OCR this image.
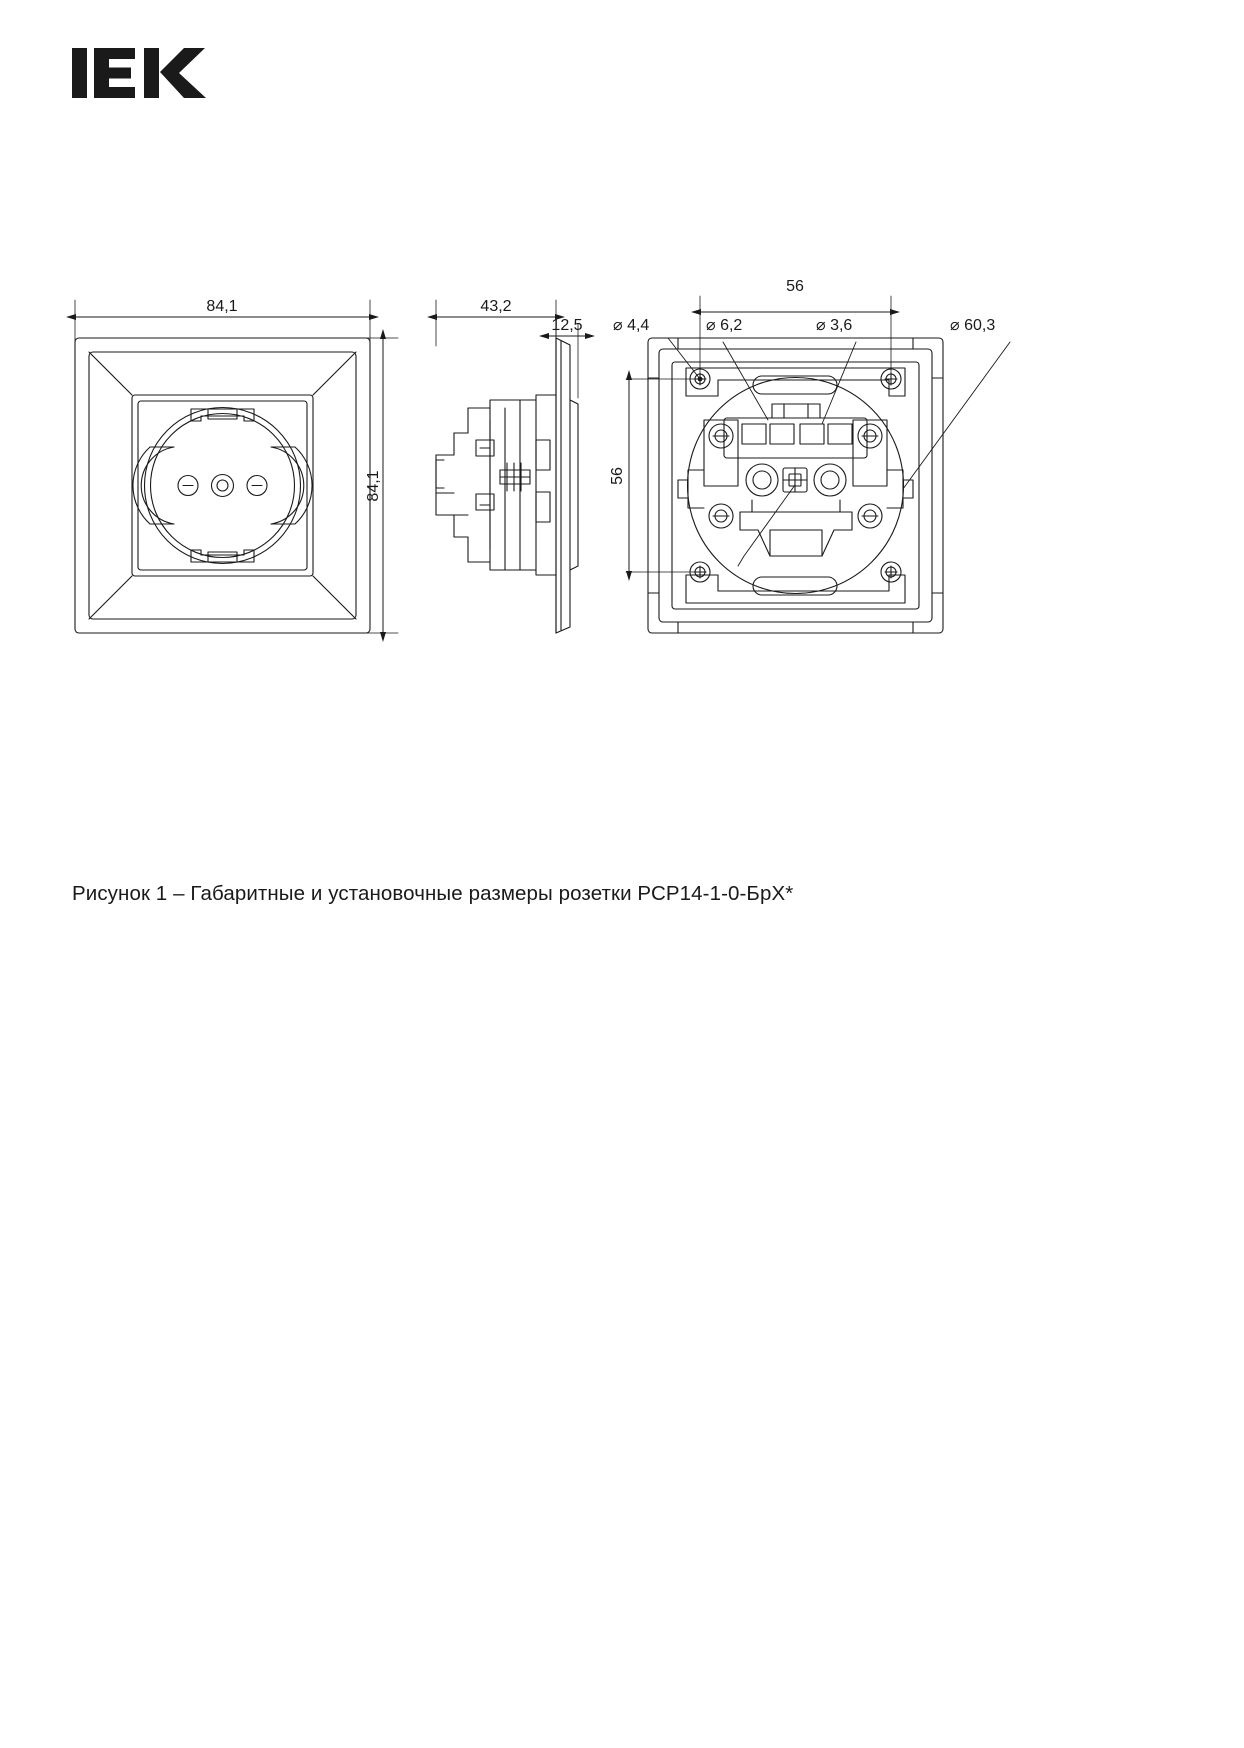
84,1
84,1
43,2
12,5 ⌀ 4,4	⌀ 6,2	⌀ 3,6	⌀ 60,3
56
56
Рисунок 1 – Габаритные и установочные размеры розетки РСР14-1-0-БрХ*
